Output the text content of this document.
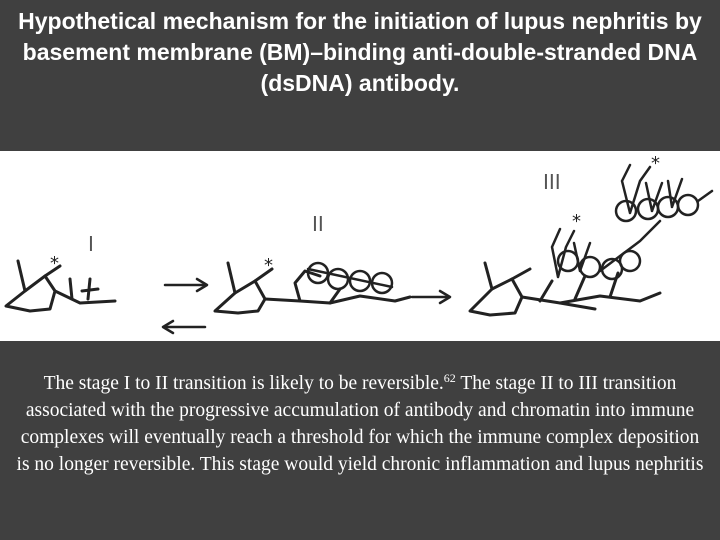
Hypothetical mechanism for the initiation of lupus nephritis by basement membrane (BM)–binding anti-double-stranded DNA (dsDNA) antibody.
I
II
III
*	*
*
*
The stage I to II transition is likely to be reversible.$^{62}$ The stage II to III transition associated with the progressive accumulation of antibody and chromatin into immune complexes will eventually reach a threshold for which the immune complex deposition is no longer reversible. This stage would yield chronic inflammation and lupus nephritis
